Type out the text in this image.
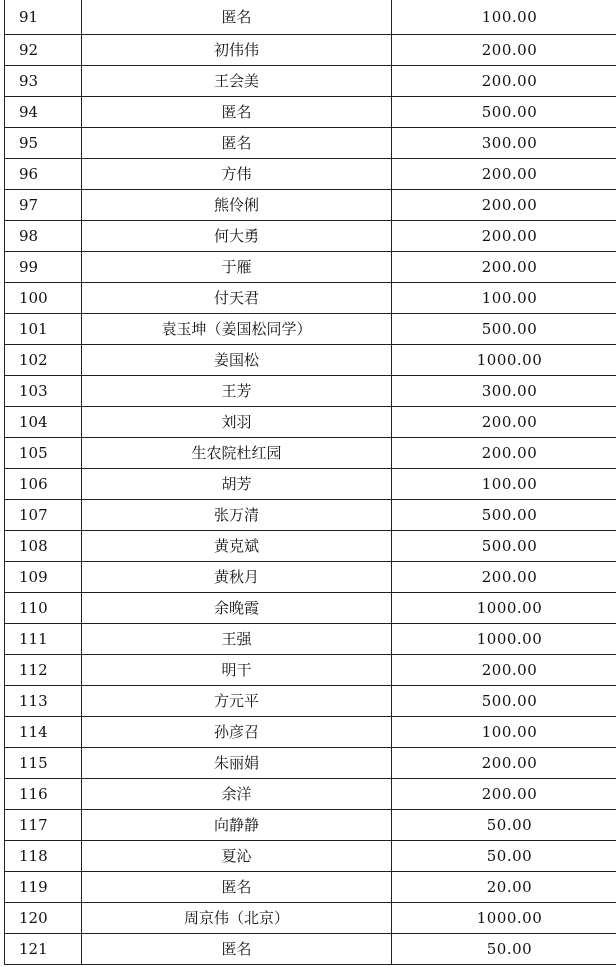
91	匿名	100.00
92	初伟伟	200.00
93	王会美	200.00
94	匿名	500.00
95	匿名	300.00
96	方伟	200.00
97	熊伶俐	200.00
98	何大勇	200.00
99	于雁	200.00
100	付天君	100.00
101	袁玉坤（姜国松同学）	500.00
102	姜国松	1000.00
103	王芳	300.00
104	刘羽	200.00
105	生农院杜红园	200.00
106	胡芳	100.00
107	张万清	500.00
108	黄克斌	500.00
109	黄秋月	200.00
110	余晚霞	1000.00
111	王强	1000.00
112	明干	200.00
113	方元平	500.00
114	孙彦召	100.00
115	朱丽娟	200.00
116	余洋	200.00
117	向静静	50.00
118	夏沁	50.00
119	匿名	20.00
120	周京伟（北京）	1000.00
121	匿名	50.00
